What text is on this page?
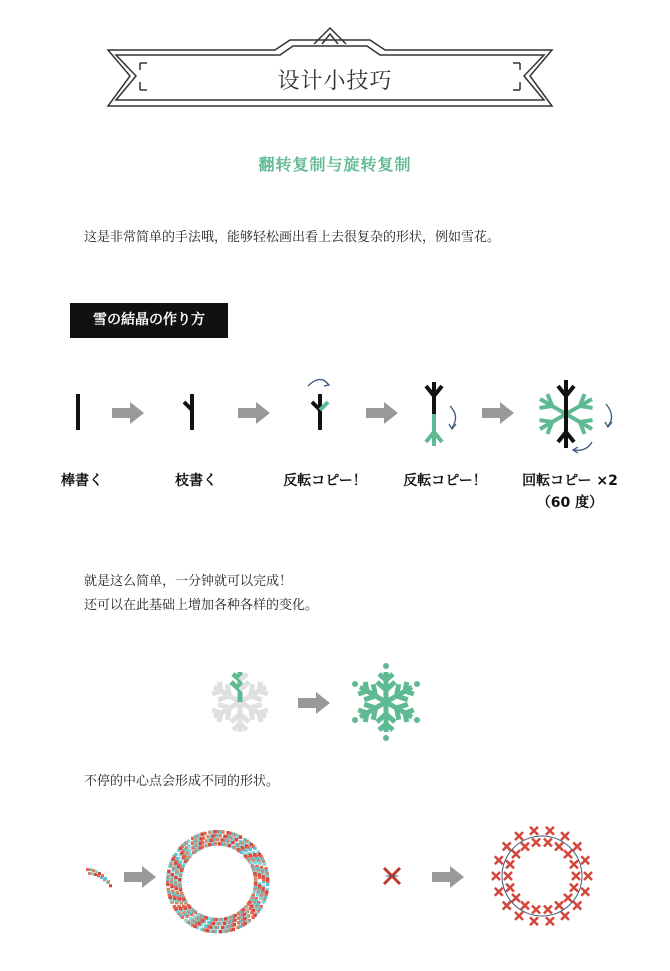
设计小技巧
翻转复制与旋转复制
这是非常简单的手法哦，能够轻松画出看上去很复杂的形状，例如雪花。
雪の結晶の作り方
棒書く	枝書く	反転コピー！	反転コピー！	回転コピー ×2
（60 度）
就是这么简单，一分钟就可以完成！
还可以在此基础上增加各种各样的变化。
不停的中心点会形成不同的形状。
